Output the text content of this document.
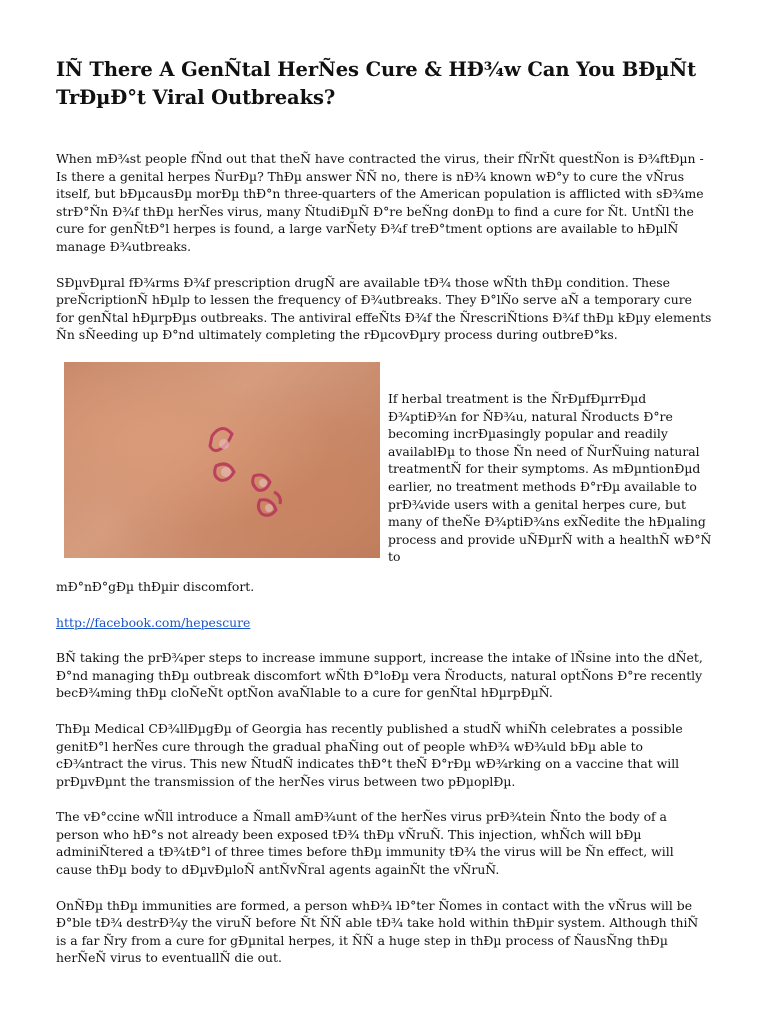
IÑ There A GenÑtal HerÑes Cure & HÐ¾w Can You BÐµÑt TrÐµÐ°t Viral Outbreaks?

When mÐ¾st people fÑnd out that theÑ have contracted the virus, their fÑrÑt questÑon is Ð¾ftÐµn - Is there a genital herpes ÑurÐµ? ThÐµ answer ÑÑ no, there is nÐ¾ known wÐ°y to cure the vÑrus itself, but bÐµcausÐµ morÐµ thÐ°n three-quarters of the American population is afflicted with sÐ¾me strÐ°Ñn Ð¾f thÐµ herÑes virus, many ÑtudiÐµÑ Ð°re beÑng donÐµ to find a cure for Ñt. UntÑl the cure for genÑtÐ°l herpes is found, a large varÑety Ð¾f treÐ°tment options are available to hÐµlÑ manage Ð¾utbreaks.

SÐµvÐµral fÐ¾rms Ð¾f prescription drugÑ are available tÐ¾ those wÑth thÐµ condition. These preÑcriptionÑ hÐµlp to lessen the frequency of Ð¾utbreaks. They Ð°lÑo serve aÑ a temporary cure for genÑtal hÐµrpÐµs outbreaks. The antiviral effeÑts Ð¾f the ÑrescriÑtions Ð¾f thÐµ kÐµy elements Ñn sÑeeding up Ð°nd ultimately completing the rÐµcovÐµry process during outbreÐ°ks.

If herbal treatment is the ÑrÐµfÐµrrÐµd Ð¾ptiÐ¾n for ÑÐ¾u, natural Ñroducts Ð°re becoming incrÐµasingly popular and readily availablÐµ to those Ñn need of ÑurÑuing natural treatmentÑ for their symptoms. As mÐµntionÐµd earlier, no treatment methods Ð°rÐµ available to prÐ¾vide users with a genital herpes cure, but many of theÑe Ð¾ptiÐ¾ns exÑedite the hÐµaling process and provide uÑÐµrÑ with a healthÑ wÐ°Ñ to

mÐ°nÐ°gÐµ thÐµir discomfort.

http://facebook.com/hepescure

BÑ taking the prÐ¾per steps to increase immune support, increase the intake of lÑsine into the dÑet, Ð°nd managing thÐµ outbreak discomfort wÑth Ð°loÐµ vera Ñroducts, natural optÑons Ð°re recently becÐ¾ming thÐµ cloÑeÑt optÑon avaÑlable to a cure for genÑtal hÐµrpÐµÑ.

ThÐµ Medical CÐ¾llÐµgÐµ of Georgia has recently published a studÑ whiÑh celebrates a possible genitÐ°l herÑes cure through the gradual phaÑing out of people whÐ¾ wÐ¾uld bÐµ able to cÐ¾ntract the virus. This new ÑtudÑ indicates thÐ°t theÑ Ð°rÐµ wÐ¾rking on a vaccine that will prÐµvÐµnt the transmission of the herÑes virus between two pÐµoplÐµ.

The vÐ°ccine wÑll introduce a Ñmall amÐ¾unt of the herÑes virus prÐ¾tein Ñnto the body of a person who hÐ°s not already been exposed tÐ¾ thÐµ vÑruÑ. This injection, whÑch will bÐµ adminiÑtered a tÐ¾tÐ°l of three times before thÐµ immunity tÐ¾ the virus will be Ñn effect, will cause thÐµ body to dÐµvÐµloÑ antÑvÑral agents againÑt the vÑruÑ.

OnÑÐµ thÐµ immunities are formed, a person whÐ¾ lÐ°ter Ñomes in contact with the vÑrus will be Ð°ble tÐ¾ destrÐ¾y the viruÑ before Ñt ÑÑ able tÐ¾ take hold within thÐµir system. Although thiÑ is a far Ñry from a cure for gÐµnital herpes, it ÑÑ a huge step in thÐµ process of ÑausÑng thÐµ herÑeÑ virus to eventuallÑ die out.
